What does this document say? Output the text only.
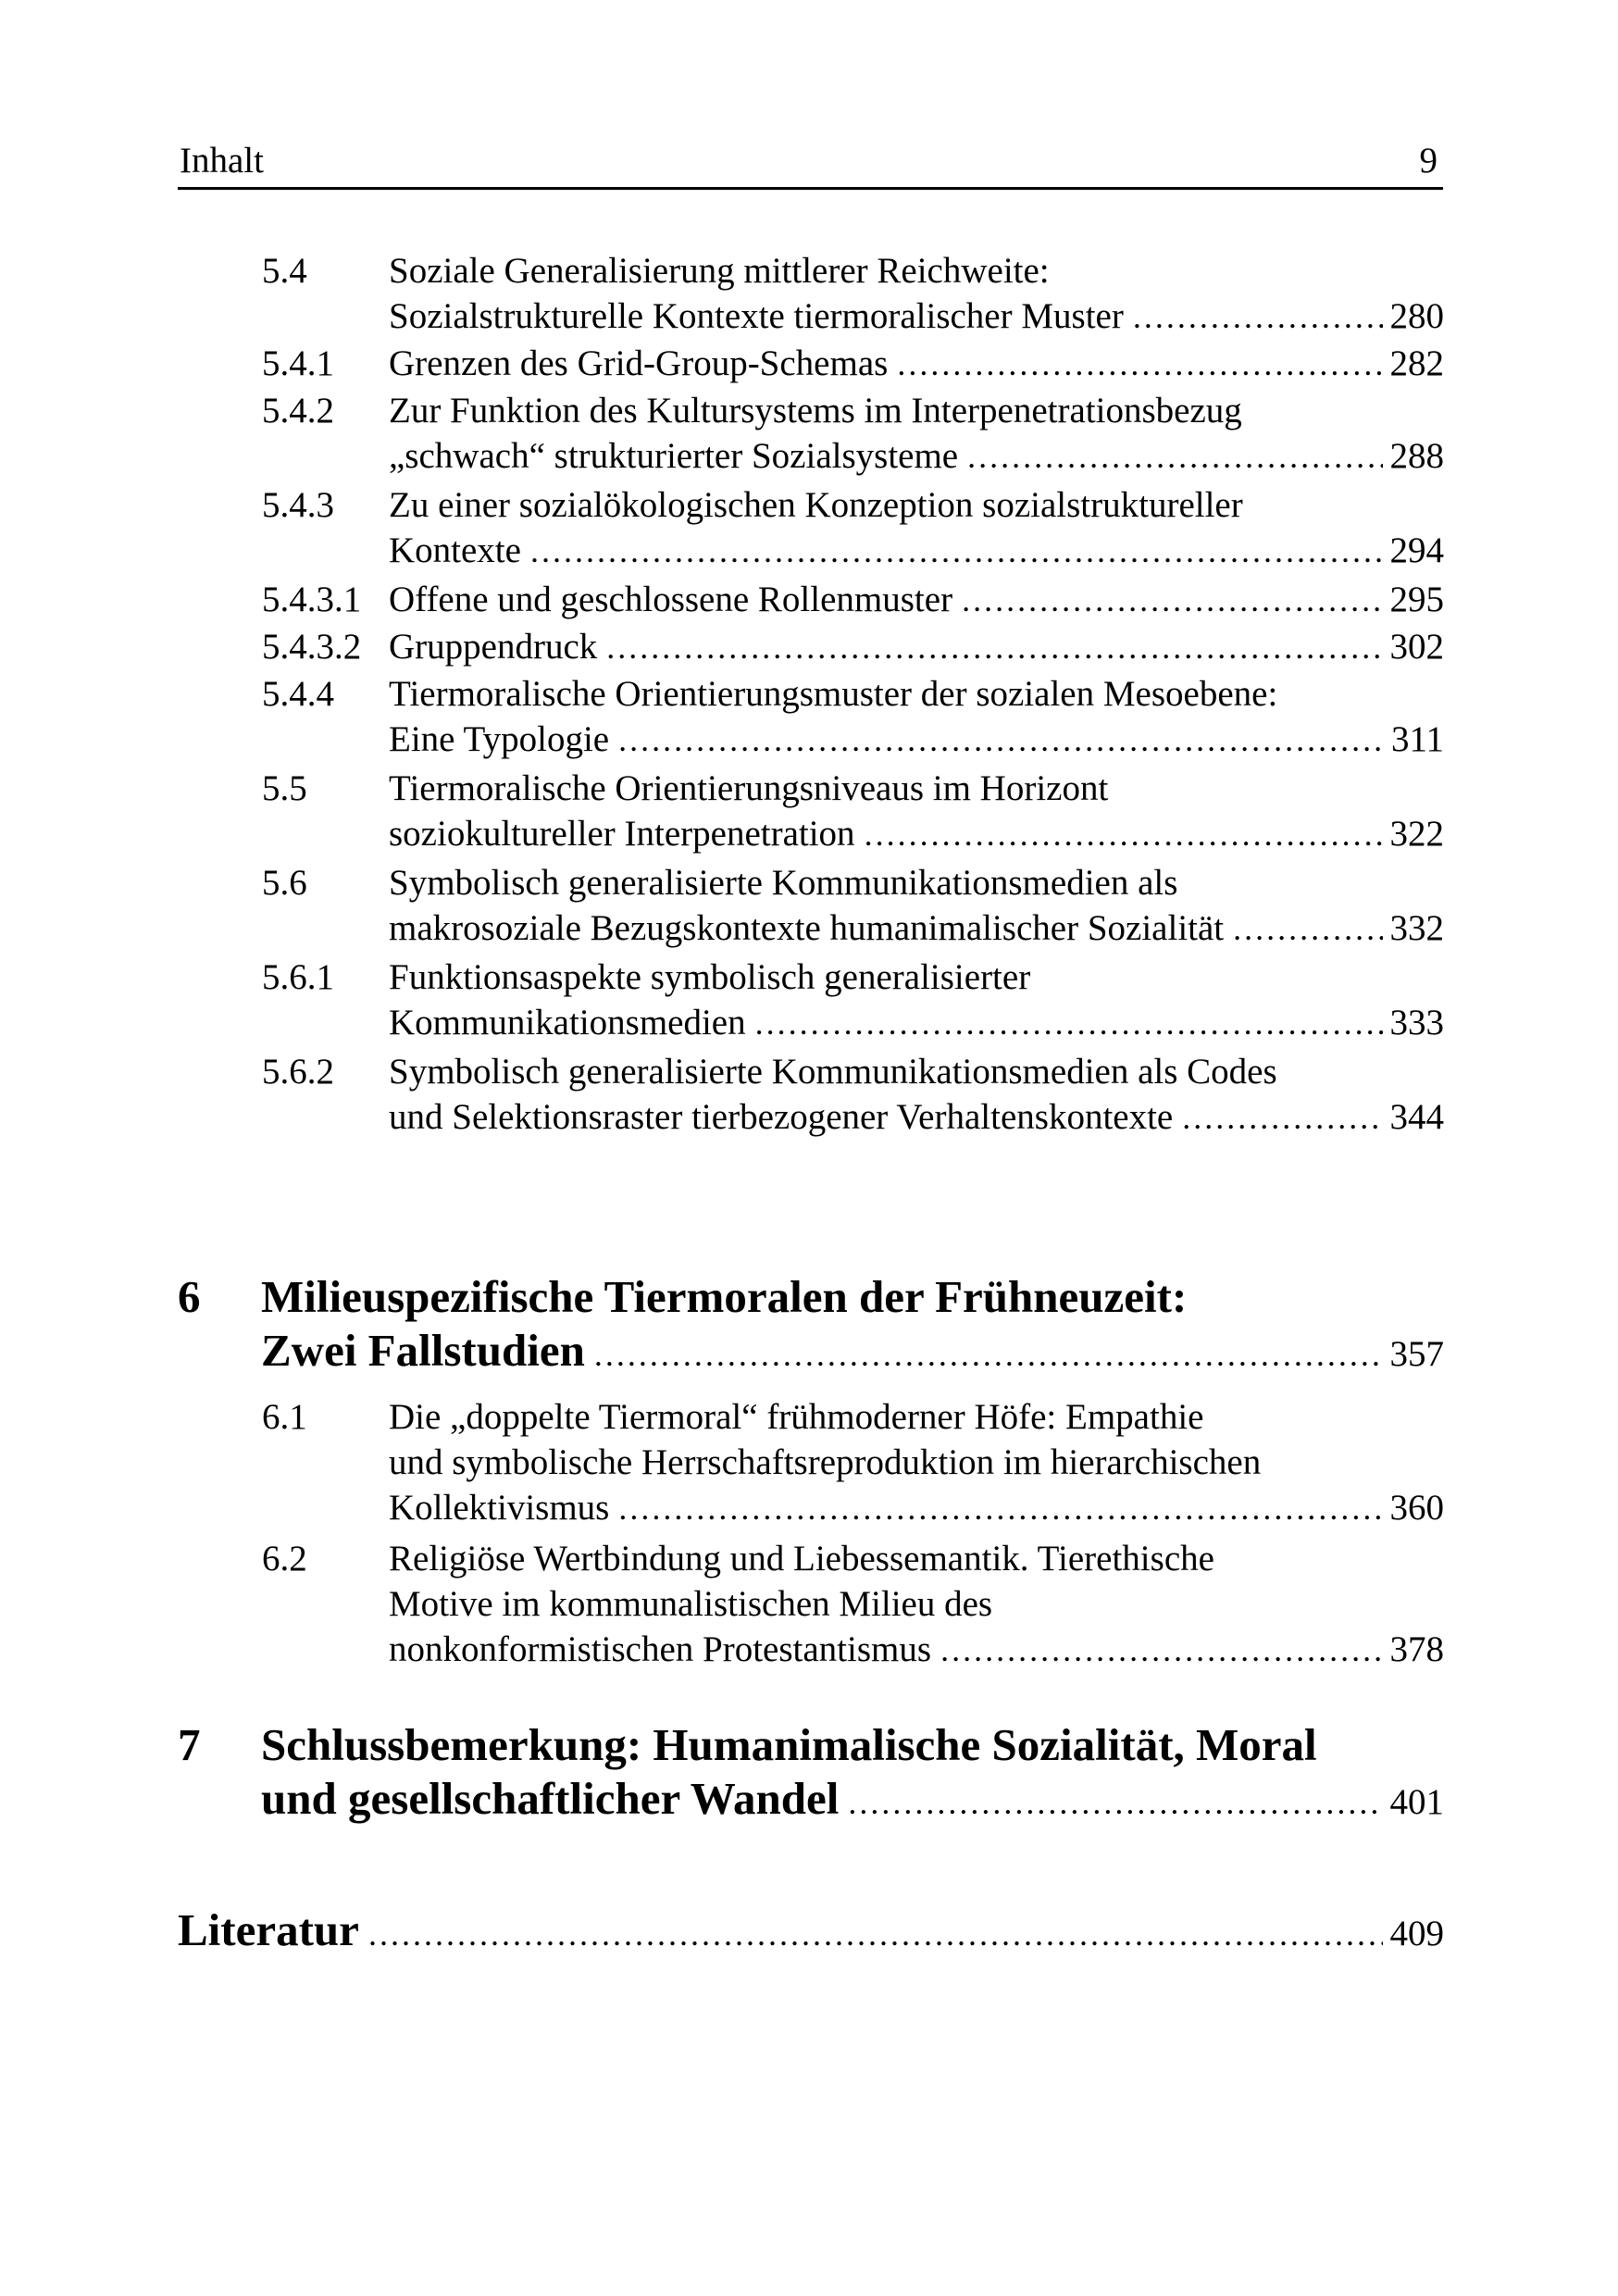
Inhalt	9
5.4 Soziale Generalisierung mittlerer Reichweite:
Sozialstrukturelle Kontexte tiermoralischer Muster . . .	280
5.4.1 Grenzen des Grid-Group-Schemas . . .	282
5.4.2 Zur Funktion des Kultursystems im Interpenetrationsbezug
„schwach“ strukturierter Sozialsysteme . . .	288
5.4.3 Zu einer sozialökologischen Konzeption sozialstruktureller
Kontexte . . .	294
5.4.3.1 Offene und geschlossene Rollenmuster . . .	295
5.4.3.2 Gruppendruck . . .	302
5.4.4 Tiermoralische Orientierungsmuster der sozialen Mesoebene:
Eine Typologie . . .	311
5.5 Tiermoralische Orientierungsniveaus im Horizont
soziokultureller Interpenetration . . .	322
5.6 Symbolisch generalisierte Kommunikationsmedien als
makrosoziale Bezugskontexte humanimalischer Sozialität . . .	332
5.6.1 Funktionsaspekte symbolisch generalisierter
Kommunikationsmedien . . .	333
5.6.2 Symbolisch generalisierte Kommunikationsmedien als Codes
und Selektionsraster tierbezogener Verhaltenskontexte . . .	344
6 Milieuspezifische Tiermoralen der Frühneuzeit:
Zwei Fallstudien . . .	357
6.1 Die „doppelte Tiermoral“ frühmoderner Höfe: Empathie
und symbolische Herrschaftsreproduktion im hierarchischen
Kollektivismus . . .	360
6.2 Religiöse Wertbindung und Liebessemantik. Tierethische
Motive im kommunalistischen Milieu des
nonkonformistischen Protestantismus . . .	378
7 Schlussbemerkung: Humanimalische Sozialität, Moral
und gesellschaftlicher Wandel . . .	401
Literatur . . .	409
